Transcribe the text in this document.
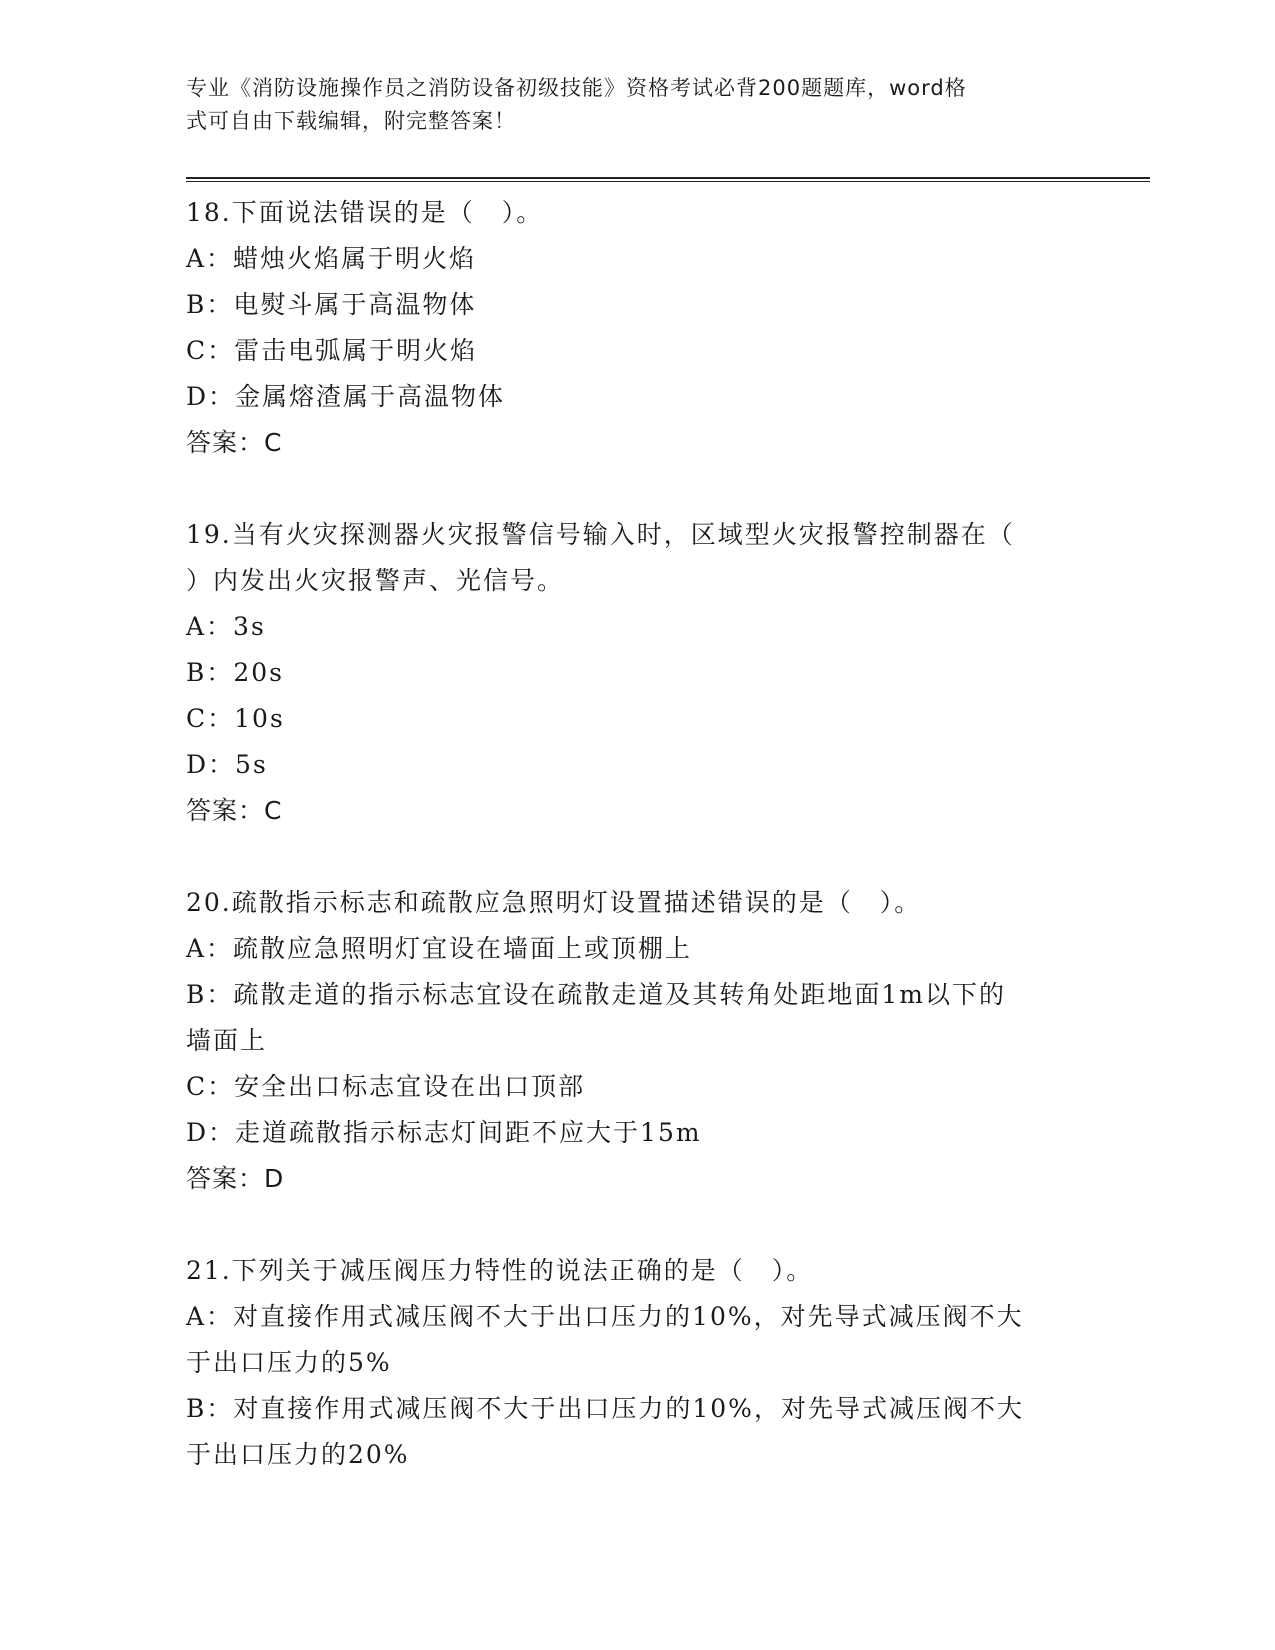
专业《消防设施操作员之消防设备初级技能》资格考试必背200题题库，word格
式可自由下载编辑，附完整答案！
18.下面说法错误的是（　）。
A：蜡烛火焰属于明火焰
B：电熨斗属于高温物体
C：雷击电弧属于明火焰
D：金属熔渣属于高温物体
答案：C
19.当有火灾探测器火灾报警信号输入时，区域型火灾报警控制器在（
）内发出火灾报警声、光信号。
A：3s
B：20s
C：10s
D：5s
答案：C
20.疏散指示标志和疏散应急照明灯设置描述错误的是（　）。
A：疏散应急照明灯宜设在墙面上或顶棚上
B：疏散走道的指示标志宜设在疏散走道及其转角处距地面1m以下的
墙面上
C：安全出口标志宜设在出口顶部
D：走道疏散指示标志灯间距不应大于15m
答案：D
21.下列关于减压阀压力特性的说法正确的是（　）。
A：对直接作用式减压阀不大于出口压力的10%，对先导式减压阀不大
于出口压力的5%
B：对直接作用式减压阀不大于出口压力的10%，对先导式减压阀不大
于出口压力的20%
